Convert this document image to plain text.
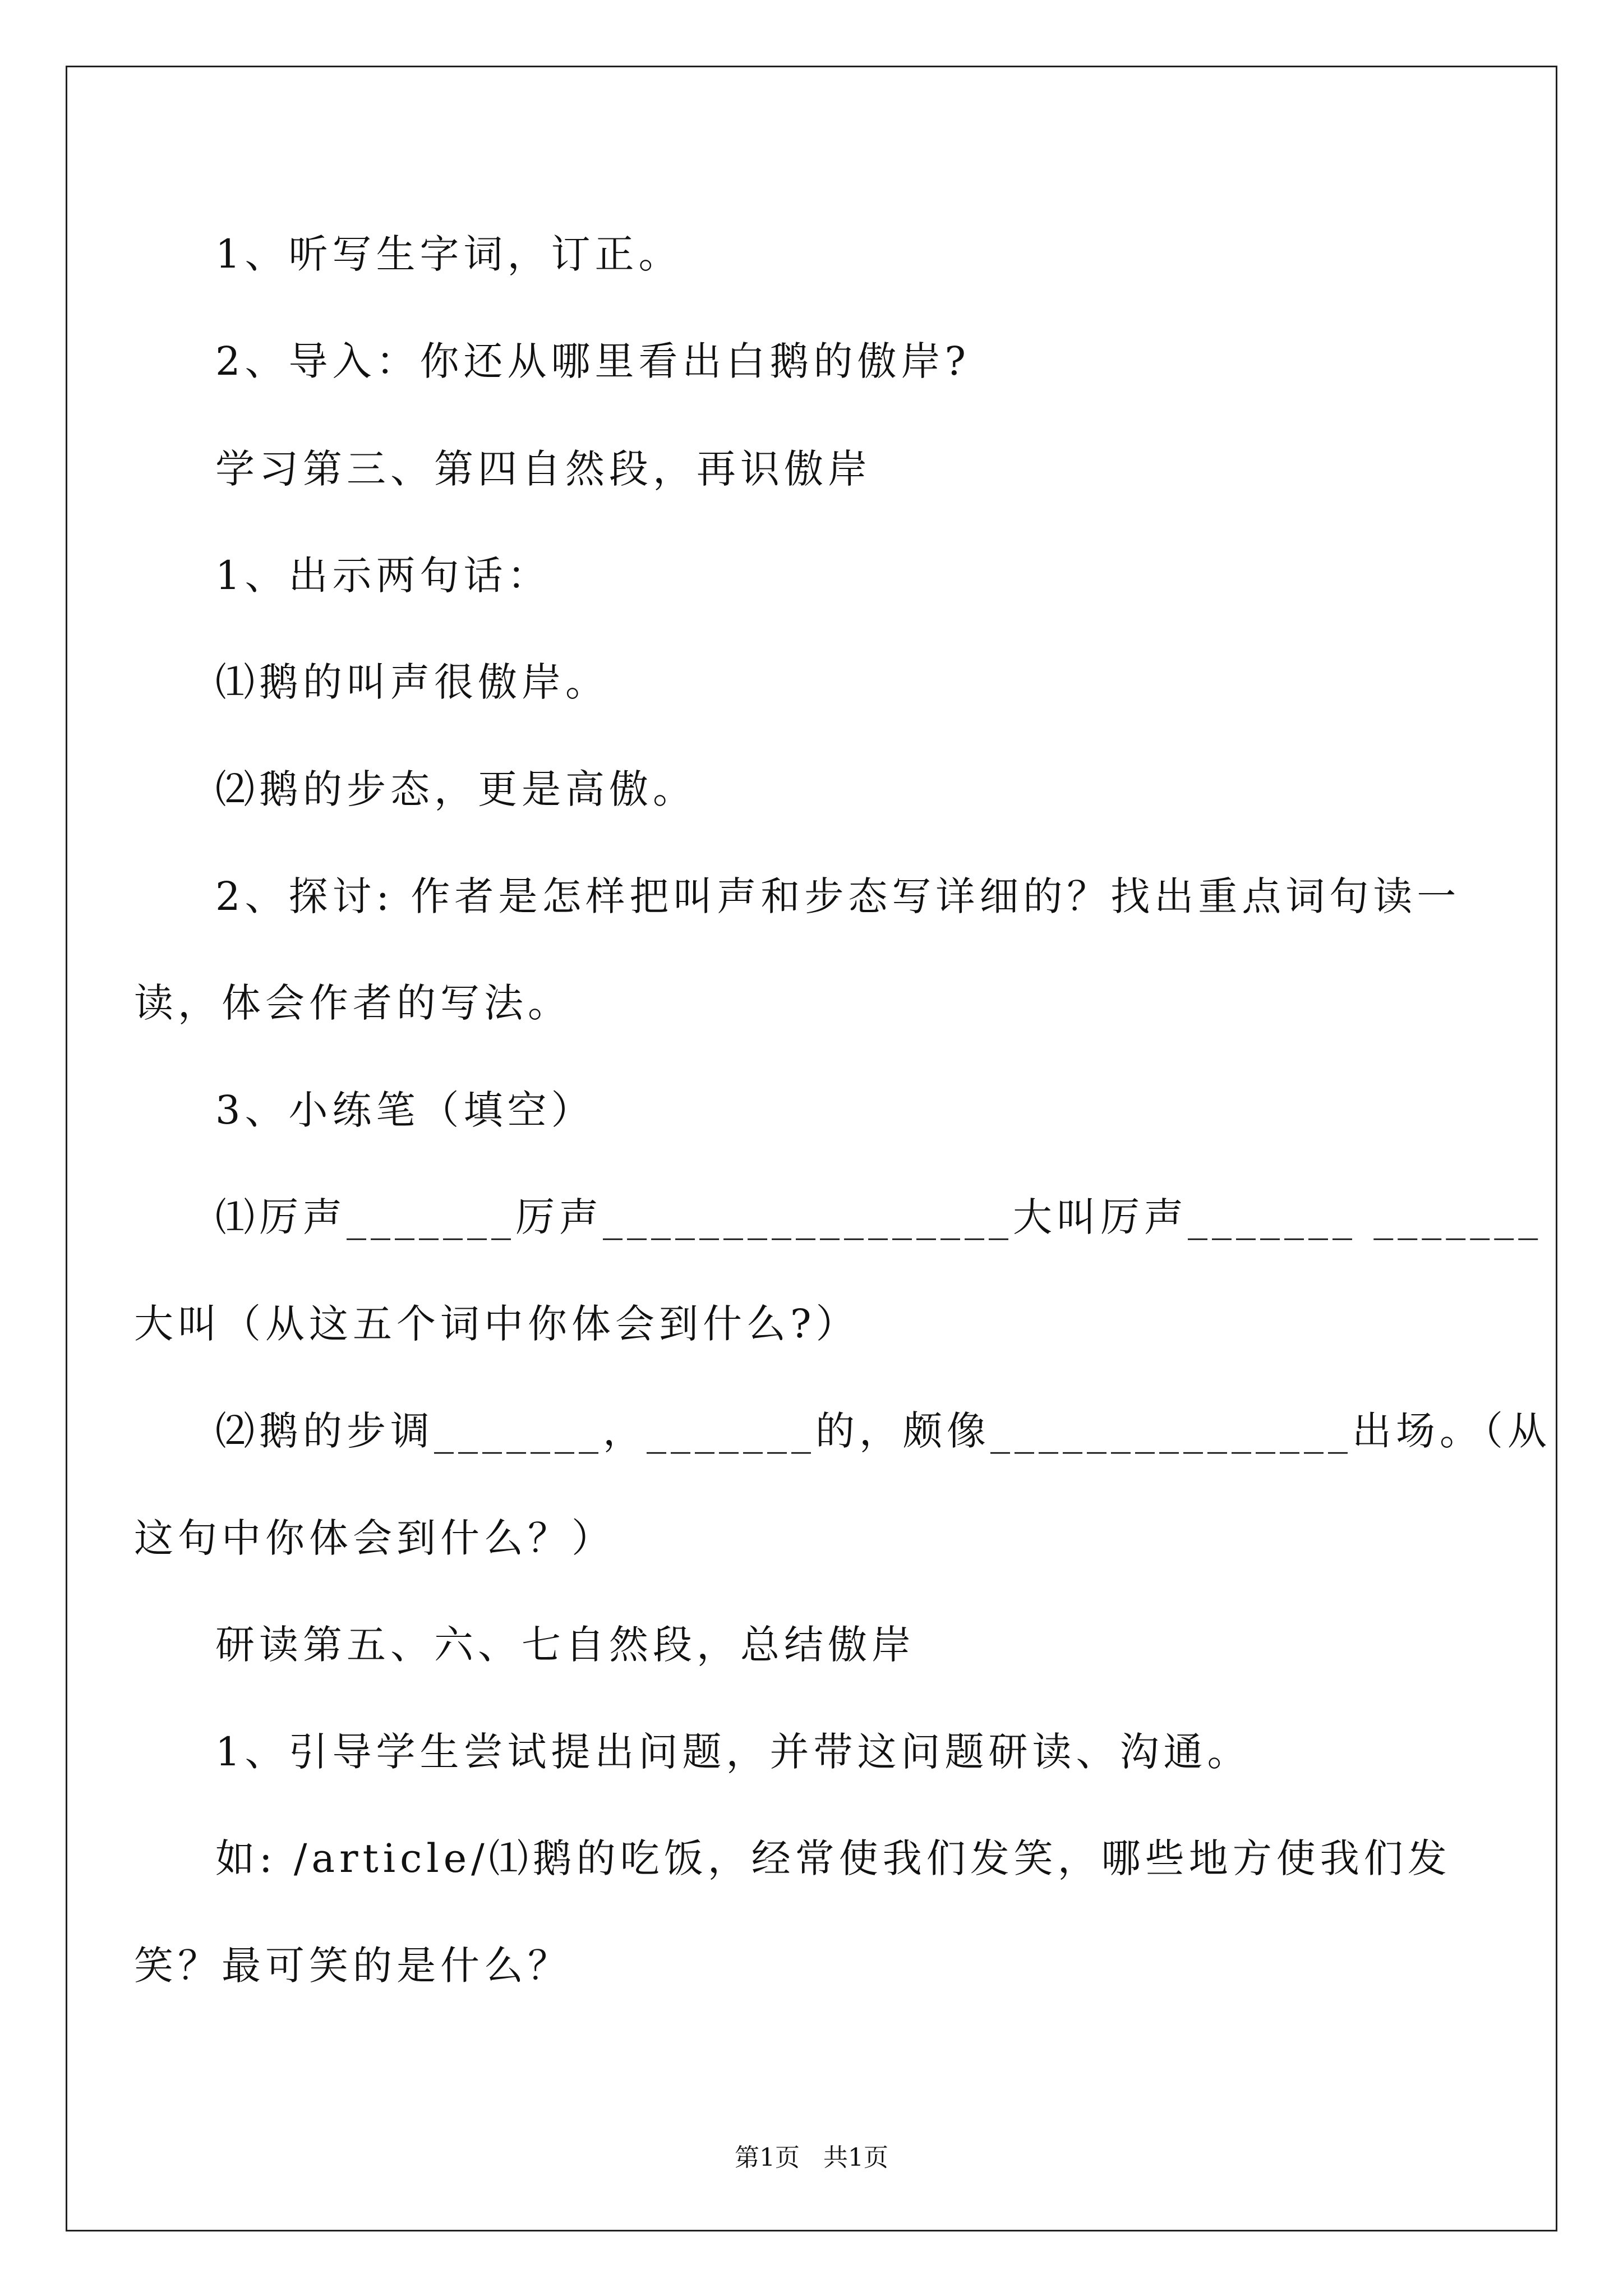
1、听写生字词，订正。

2、导入：你还从哪里看出白鹅的傲岸?

学习第三、第四自然段，再识傲岸

1、出示两句话：

⑴鹅的叫声很傲岸。

⑵鹅的步态，更是高傲。

2、探讨: 作者是怎样把叫声和步态写详细的？找出重点词句读一

读，体会作者的写法。

3、小练笔（填空）

⑴厉声_______厉声_________________大叫厉声_______ _______

大叫（从这五个词中你体会到什么?）

⑵鹅的步调_______，_______的，颇像_______________出场。（从

这句中你体会到什么？）

研读第五、六、七自然段，总结傲岸

1、引导学生尝试提出问题，并带这问题研读、沟通。

如: /article/⑴鹅的吃饭，经常使我们发笑，哪些地方使我们发

笑？最可笑的是什么？

第1页   共1页
